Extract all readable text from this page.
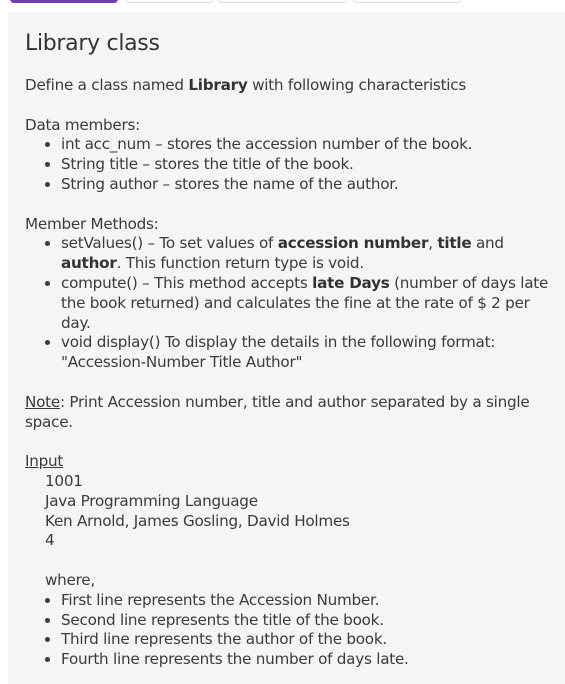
Library class

Define a class named Library with following characteristics

Data members:

• int acc_num – stores the accession number of the book.
• String title – stores the title of the book.
• String author – stores the name of the author.

Member Methods:

• setValues() – To set values of accession number, title and author. This function return type is void.
• compute() – This method accepts late Days (number of days late the book returned) and calculates the fine at the rate of $ 2 per day.
• void display() To display the details in the following format:
"Accession-Number Title Author"

Note: Print Accession number, title and author separated by a single space.

Input

1001
Java Programming Language
Ken Arnold, James Gosling, David Holmes
4
where,
• First line represents the Accession Number.
• Second line represents the title of the book.
• Third line represents the author of the book.
• Fourth line represents the number of days late.
